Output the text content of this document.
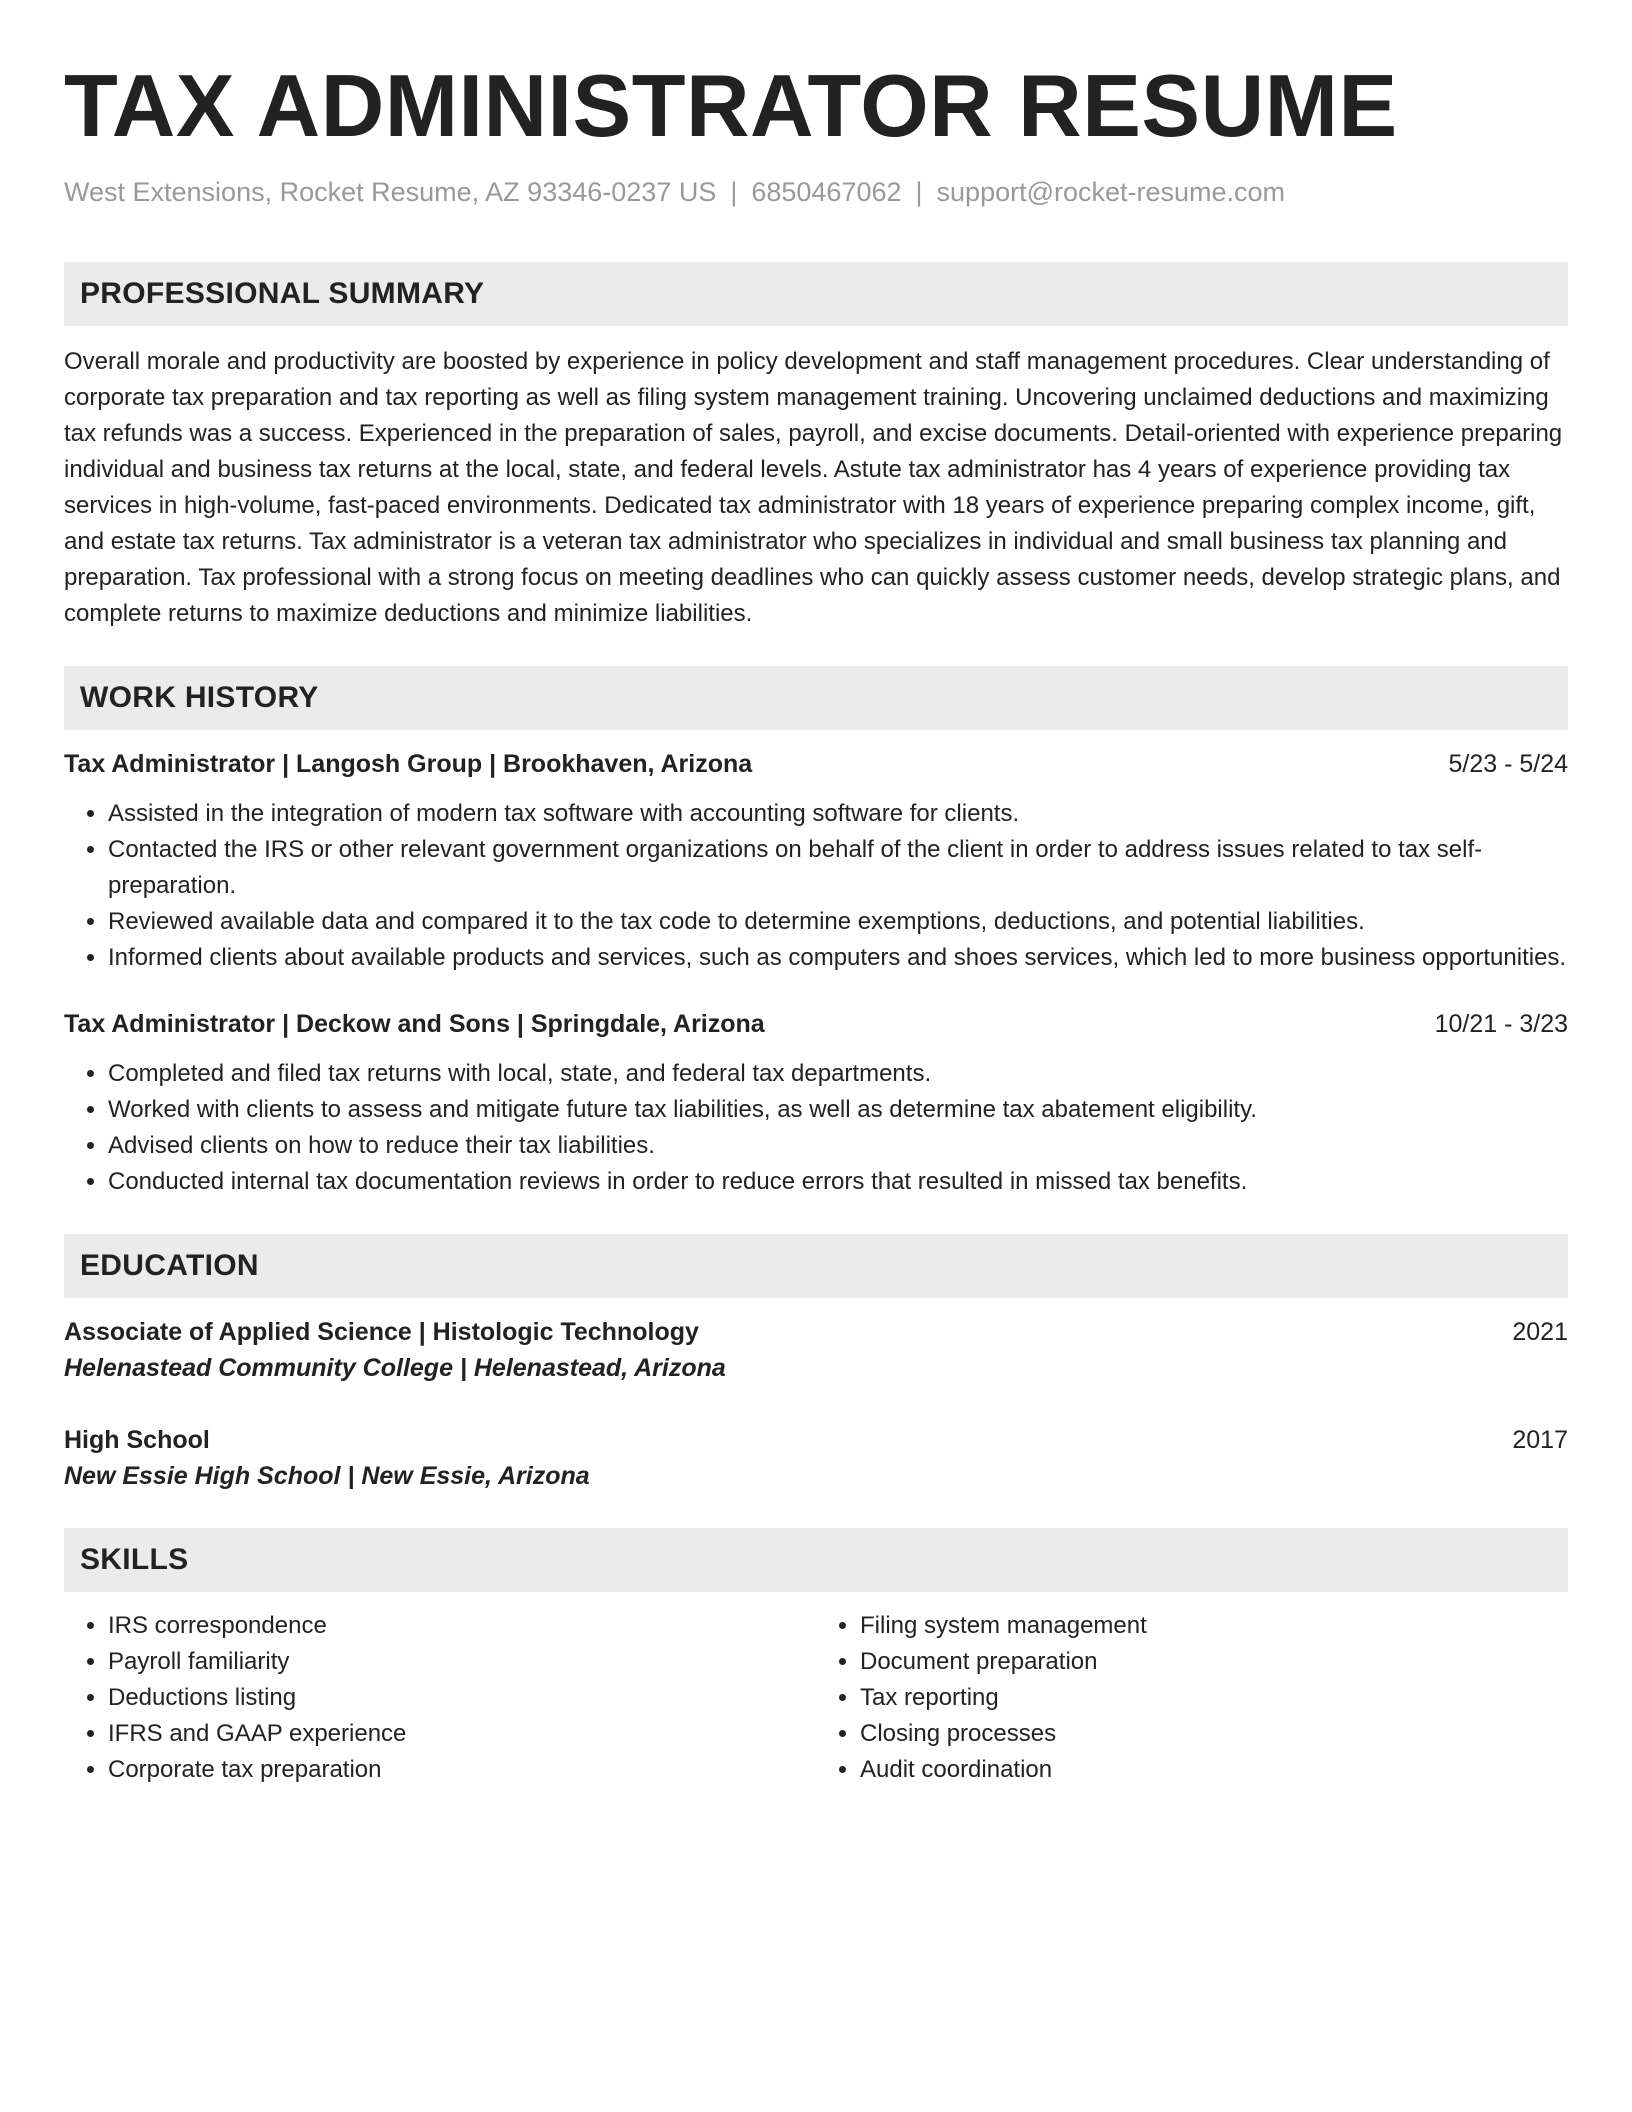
TAX ADMINISTRATOR RESUME
West Extensions, Rocket Resume, AZ 93346-0237 US | 6850467062 | support@rocket-resume.com
PROFESSIONAL SUMMARY
Overall morale and productivity are boosted by experience in policy development and staff management procedures. Clear understanding of corporate tax preparation and tax reporting as well as filing system management training. Uncovering unclaimed deductions and maximizing tax refunds was a success. Experienced in the preparation of sales, payroll, and excise documents. Detail-oriented with experience preparing individual and business tax returns at the local, state, and federal levels. Astute tax administrator has 4 years of experience providing tax services in high-volume, fast-paced environments. Dedicated tax administrator with 18 years of experience preparing complex income, gift, and estate tax returns. Tax administrator is a veteran tax administrator who specializes in individual and small business tax planning and preparation. Tax professional with a strong focus on meeting deadlines who can quickly assess customer needs, develop strategic plans, and complete returns to maximize deductions and minimize liabilities.
WORK HISTORY
Tax Administrator | Langosh Group | Brookhaven, Arizona	5/23 - 5/24
• Assisted in the integration of modern tax software with accounting software for clients.
• Contacted the IRS or other relevant government organizations on behalf of the client in order to address issues related to tax self-preparation.
• Reviewed available data and compared it to the tax code to determine exemptions, deductions, and potential liabilities.
• Informed clients about available products and services, such as computers and shoes services, which led to more business opportunities.
Tax Administrator | Deckow and Sons | Springdale, Arizona	10/21 - 3/23
• Completed and filed tax returns with local, state, and federal tax departments.
• Worked with clients to assess and mitigate future tax liabilities, as well as determine tax abatement eligibility.
• Advised clients on how to reduce their tax liabilities.
• Conducted internal tax documentation reviews in order to reduce errors that resulted in missed tax benefits.
EDUCATION
Associate of Applied Science | Histologic Technology	2021
Helenastead Community College | Helenastead, Arizona
High School	2017
New Essie High School | New Essie, Arizona
SKILLS
• IRS correspondence
• Payroll familiarity
• Deductions listing
• IFRS and GAAP experience
• Corporate tax preparation
• Filing system management
• Document preparation
• Tax reporting
• Closing processes
• Audit coordination
